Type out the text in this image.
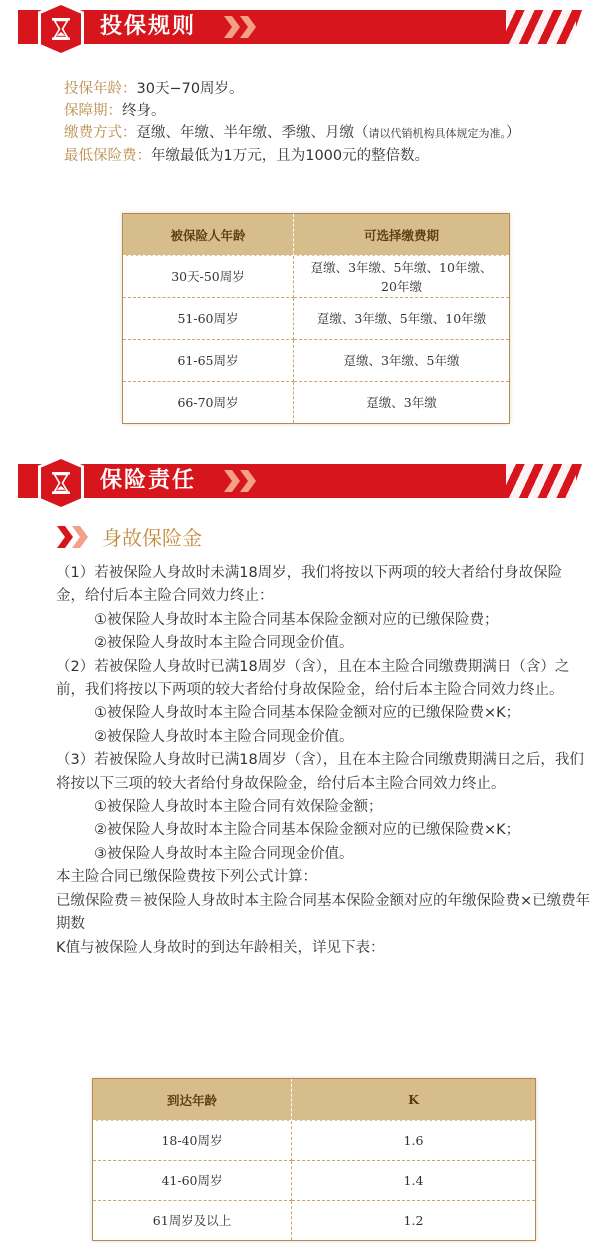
投保规则
投保年龄：30天−70周岁。
保障期：终身。
缴费方式：趸缴、年缴、半年缴、季缴、月缴（请以代销机构具体规定为准。）
最低保险费：年缴最低为1万元，且为1000元的整倍数。
被保险人年龄	可选择缴费期
30天-50周岁	趸缴、3年缴、5年缴、10年缴、
20年缴

51-60周岁	趸缴、3年缴、5年缴、10年缴
61-65周岁	趸缴、3年缴、5年缴
66-70周岁	趸缴、3年缴
保险责任
身故保险金

（1）若被保险人身故时未满18周岁，我们将按以下两项的较大者给付身故保险金，给付后本主险合同效力终止：

①被保险人身故时本主险合同基本保险金额对应的已缴保险费；

②被保险人身故时本主险合同现金价值。

（2）若被保险人身故时已满18周岁（含），且在本主险合同缴费期满日（含）之前，我们将按以下两项的较大者给付身故保险金，给付后本主险合同效力终止。

①被保险人身故时本主险合同基本保险金额对应的已缴保险费×K；

②被保险人身故时本主险合同现金价值。

（3）若被保险人身故时已满18周岁（含），且在本主险合同缴费期满日之后，我们将按以下三项的较大者给付身故保险金，给付后本主险合同效力终止。

①被保险人身故时本主险合同有效保险金额；

②被保险人身故时本主险合同基本保险金额对应的已缴保险费×K；

③被保险人身故时本主险合同现金价值。

本主险合同已缴保险费按下列公式计算：

已缴保险费＝被保险人身故时本主险合同基本保险金额对应的年缴保险费×已缴费年期数

K值与被保险人身故时的到达年龄相关，详见下表：

到达年龄	K
18-40周岁	1.6
41-60周岁	1.4
61周岁及以上	1.2
